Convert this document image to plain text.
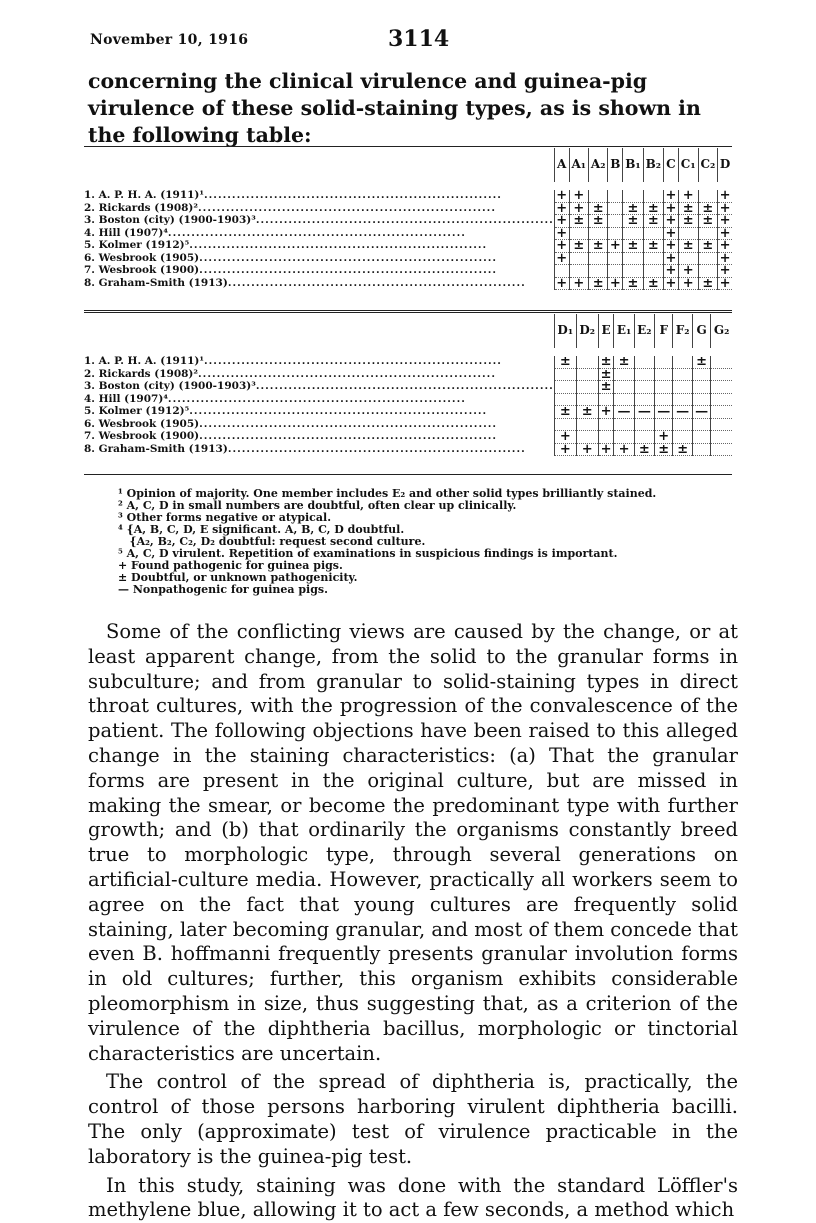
November 10, 1916	3114
concerning the clinical virulence and guinea-pig virulence of these solid-staining types, as is shown in the following table:
	A	A₁	A₂	B	B₁	B₂	C	C₁	C₂	D

1. A. P. H. A. (1911)¹................................................................	+	+					+	+		+
2. Rickards (1908)²................................................................	+	+	±		±	±	+	±	±	+
3. Boston (city) (1900-1903)³................................................................	+	±	±		±	±	+	±	±	+
4. Hill (1907)⁴................................................................	+						+			+
5. Kolmer (1912)⁵................................................................	+	±	±	+	±	±	+	±	±	+
6. Wesbrook (1905)................................................................	+						+			+
7. Wesbrook (1900)................................................................							+	+		+
8. Graham-Smith (1913)................................................................	+	+	±	+	±	±	+	+	±	+
	D₁	D₂	E	E₁	E₂	F	F₂	G	G₂

1. A. P. H. A. (1911)¹................................................................	±		±	±				±	
2. Rickards (1908)²................................................................			±						
3. Boston (city) (1900-1903)³................................................................			±						
4. Hill (1907)⁴................................................................									
5. Kolmer (1912)⁵................................................................	±	±	+	—	—	—	—	—	
6. Wesbrook (1905)................................................................									
7. Wesbrook (1900)................................................................	+					+			
8. Graham-Smith (1913)................................................................	+	+	+	+	±	±	±		
¹ Opinion of majority. One member includes E₂ and other solid types brilliantly stained.
² A, C, D in small numbers are doubtful, often clear up clinically.
³ Other forms negative or atypical.
⁴ {A, B, C, D, E significant. A, B, C, D doubtful.
{A₂, B₂, C₂, D₂ doubtful: request second culture.
⁵ A, C, D virulent. Repetition of examinations in suspicious findings is important.
+ Found pathogenic for guinea pigs.
± Doubtful, or unknown pathogenicity.
— Nonpathogenic for guinea pigs.

Some of the conflicting views are caused by the change, or at least apparent change, from the solid to the granular forms in subculture; and from granular to solid-staining types in direct throat cultures, with the progression of the convalescence of the patient. The following objections have been raised to this alleged change in the staining characteristics: (a) That the granular forms are present in the original culture, but are missed in making the smear, or become the predominant type with further growth; and (b) that ordinarily the organisms constantly breed true to morphologic type, through several generations on artificial-culture media. However, practically all workers seem to agree on the fact that young cultures are frequently solid staining, later becoming granular, and most of them concede that even B. hoffmanni frequently presents granular involution forms in old cultures; further, this organism exhibits considerable pleomorphism in size, thus suggesting that, as a criterion of the virulence of the diphtheria bacillus, morphologic or tinctorial characteristics are uncertain.

The control of the spread of diphtheria is, practically, the control of those persons harboring virulent diphtheria bacilli. The only (approximate) test of virulence practicable in the laboratory is the guinea-pig test.

In this study, staining was done with the standard Löffler's methylene blue, allowing it to act a few seconds, a method which
